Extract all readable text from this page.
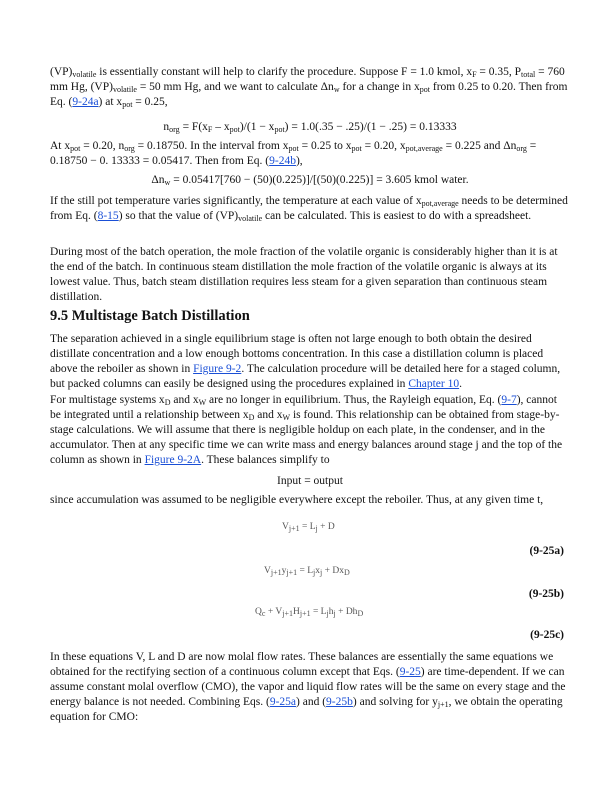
$(VP)_{volatile}$ is essentially constant will help to clarify the procedure. Suppose F = 1.0 kmol, $x_F = 0.35$, $P_{total} = 760$ mm Hg, $(VP)_{volatile} = 50$ mm Hg, and we want to calculate $\Delta n_w$ for a change in $x_{pot}$ from 0.25 to 0.20. Then from Eq. (9-24a) at $x_{pot} = 0.25$,

$n_{org} = F(x_F - x_{pot})/(1 - x_{pot}) = 1.0(.35 - .25)/(1 - .25) = 0.13333$

At $x_{pot} = 0.20$, $n_{org} = 0.18750$. In the interval from $x_{pot} = 0.25$ to $x_{pot} = 0.20$, $x_{pot,average} = 0.225$ and $\Delta n_{org} = 0.18750 - 0$. 13333 = 0.05417. Then from Eq. (9-24b),

$\Delta n_w = 0.05417[760 - (50)(0.225)]/[(50)(0.225)] = 3.605$ kmol water.

If the still pot temperature varies significantly, the temperature at each value of $x_{pot,average}$ needs to be determined from Eq. (8-15) so that the value of $(VP)_{volatile}$ can be calculated. This is easiest to do with a spreadsheet.

During most of the batch operation, the mole fraction of the volatile organic is considerably higher than it is at the end of the batch. In continuous steam distillation the mole fraction of the volatile organic is always at its lowest value. Thus, batch steam distillation requires less steam for a given separation than continuous steam distillation.

9.5 Multistage Batch Distillation

The separation achieved in a single equilibrium stage is often not large enough to both obtain the desired distillate concentration and a low enough bottoms concentration. In this case a distillation column is placed above the reboiler as shown in Figure 9-2. The calculation procedure will be detailed here for a staged column, but packed columns can easily be designed using the procedures explained in Chapter 10.

For multistage systems $x_D$ and $x_W$ are no longer in equilibrium. Thus, the Rayleigh equation, Eq. (9-7), cannot be integrated until a relationship between $x_D$ and $x_W$ is found. This relationship can be obtained from stage-by-stage calculations. We will assume that there is negligible holdup on each plate, in the condenser, and in the accumulator. Then at any specific time we can write mass and energy balances around stage j and the top of the column as shown in Figure 9-2A. These balances simplify to

Input = output

since accumulation was assumed to be negligible everywhere except the reboiler. Thus, at any given time t,

$V_{j+1} = L_j + D$
(9-25a)
$V_{j+1}y_{j+1} = L_jx_j + Dx_D$
(9-25b)
$Q_c + V_{j+1}H_{j+1} = L_jh_j + Dh_D$
(9-25c)

In these equations V, L and D are now molal flow rates. These balances are essentially the same equations we obtained for the rectifying section of a continuous column except that Eqs. (9-25) are time-dependent. If we can assume constant molal overflow (CMO), the vapor and liquid flow rates will be the same on every stage and the energy balance is not needed. Combining Eqs. (9-25a) and (9-25b) and solving for $y_{j+1}$, we obtain the operating equation for CMO:
